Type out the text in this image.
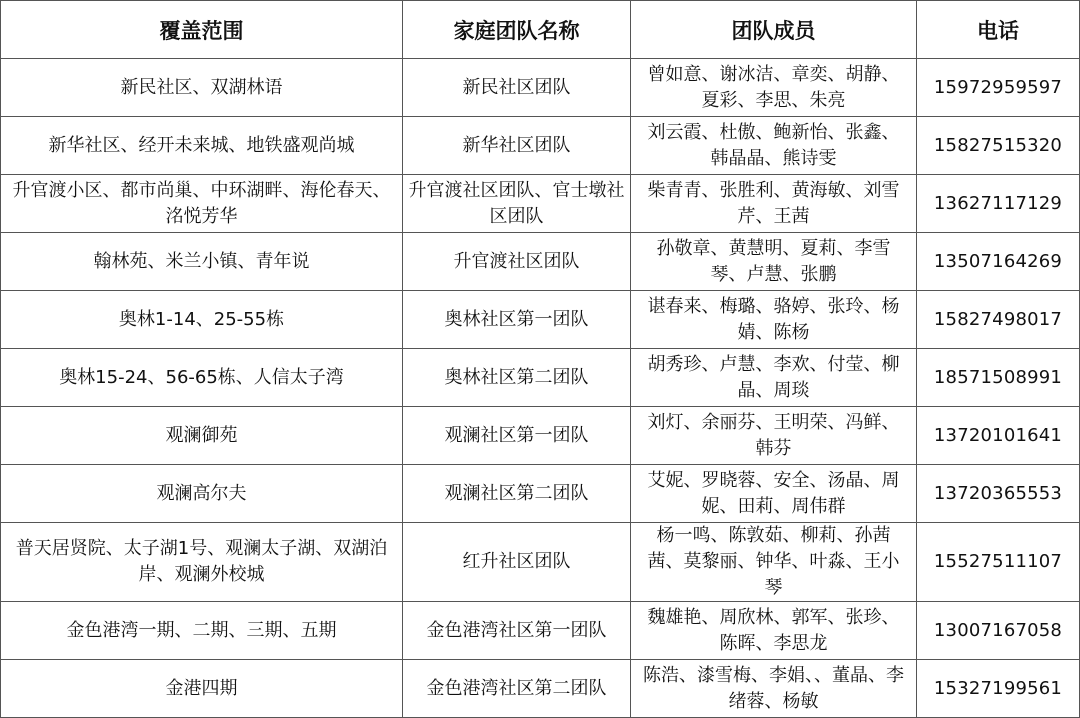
覆盖范围	家庭团队名称	团队成员	电话
新民社区、双湖林语	新民社区团队	曾如意、谢冰洁、章奕、胡静、夏彩、李思、朱亮	15972959597
新华社区、经开未来城、地铁盛观尚城	新华社区团队	刘云霞、杜傲、鲍新怡、张鑫、韩晶晶、熊诗雯	15827515320
升官渡小区、都市尚巢、中环湖畔、海伦春天、洺悦芳华	升官渡社区团队、官士墩社区团队	柴青青、张胜利、黄海敏、刘雪芹、王茜	13627117129
翰林苑、米兰小镇、青年说	升官渡社区团队	孙敬章、黄慧明、夏莉、李雪琴、卢慧、张鹏	13507164269
奥林1-14、25-55栋	奥林社区第一团队	谌春来、梅璐、骆婷、张玲、杨婧、陈杨	15827498017
奥林15-24、56-65栋、人信太子湾	奥林社区第二团队	胡秀珍、卢慧、李欢、付莹、柳晶、周琰	18571508991
观澜御苑	观澜社区第一团队	刘灯、余丽芬、王明荣、冯鲜、韩芬	13720101641
观澜高尔夫	观澜社区第二团队	艾妮、罗晓蓉、安全、汤晶、周妮、田莉、周伟群	13720365553
普天居贤院、太子湖1号、观澜太子湖、双湖泊岸、观澜外校城	红升社区团队	杨一鸣、陈敦茹、柳莉、孙茜茜、莫黎丽、钟华、叶淼、王小琴	15527511107
金色港湾一期、二期、三期、五期	金色港湾社区第一团队	魏雄艳、周欣林、郭军、张珍、陈晖、李思龙	13007167058
金港四期	金色港湾社区第二团队	陈浩、漆雪梅、李娟、、董晶、李绪蓉、杨敏	15327199561
